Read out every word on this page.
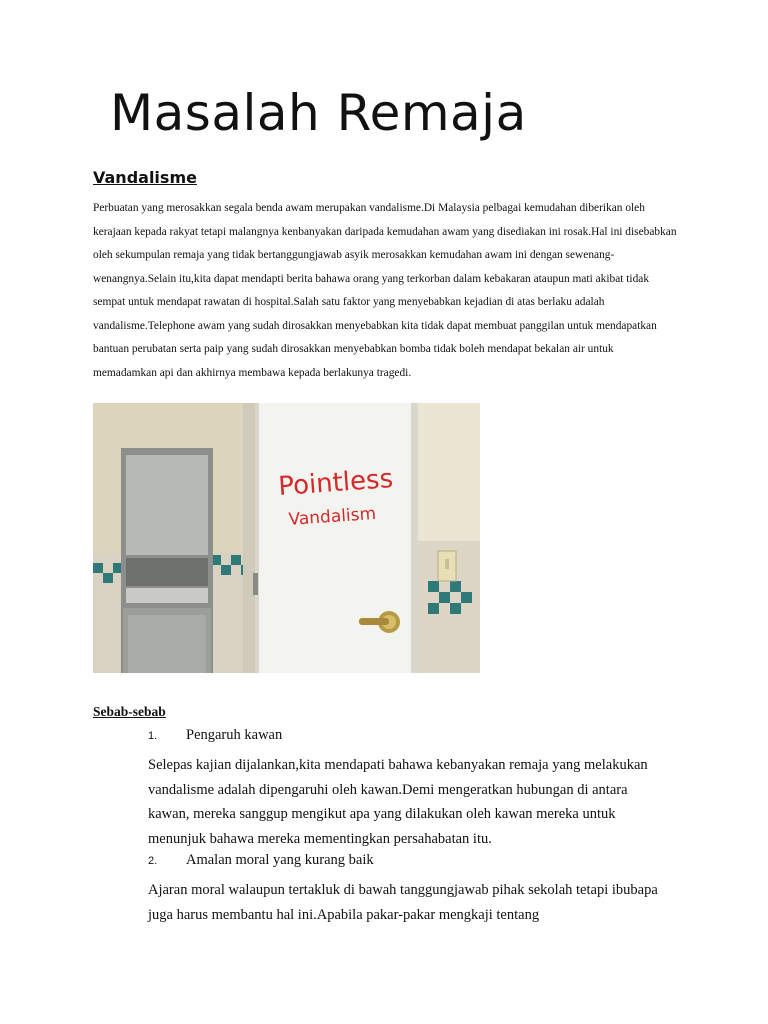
Masalah Remaja
Vandalisme
Perbuatan yang merosakkan segala benda awam merupakan vandalisme.Di Malaysia pelbagai kemudahan diberikan oleh kerajaan kepada rakyat tetapi malangnya kenbanyakan daripada kemudahan awam yang disediakan ini rosak.Hal ini disebabkan oleh sekumpulan remaja yang tidak bertanggungjawab asyik merosakkan kemudahan awam ini dengan sewenang-wenangnya.Selain itu,kita dapat mendapti berita bahawa orang yang terkorban dalam kebakaran ataupun mati akibat tidak sempat untuk mendapat rawatan di hospital.Salah satu faktor yang menyebabkan kejadian di atas berlaku adalah vandalisme.Telephone awam yang sudah dirosakkan menyebabkan kita tidak dapat membuat panggilan untuk mendapatkan bantuan perubatan serta paip yang sudah dirosakkan menyebabkan bomba tidak boleh mendapat bekalan air untuk memadamkan api dan akhirnya membawa kepada berlakunya tragedi.
Pointless
Vandalism
Sebab-sebab
1.	Pengaruh kawan
Selepas kajian dijalankan,kita mendapati bahawa kebanyakan remaja yang melakukan vandalisme adalah dipengaruhi oleh kawan.Demi mengeratkan hubungan di antara kawan, mereka sanggup mengikut apa yang dilakukan oleh kawan mereka untuk menunjuk bahawa mereka mementingkan persahabatan itu.
2.	Amalan moral yang kurang baik
Ajaran moral walaupun tertakluk di bawah tanggungjawab pihak sekolah tetapi ibubapa juga harus membantu hal ini.Apabila pakar-pakar mengkaji tentang
